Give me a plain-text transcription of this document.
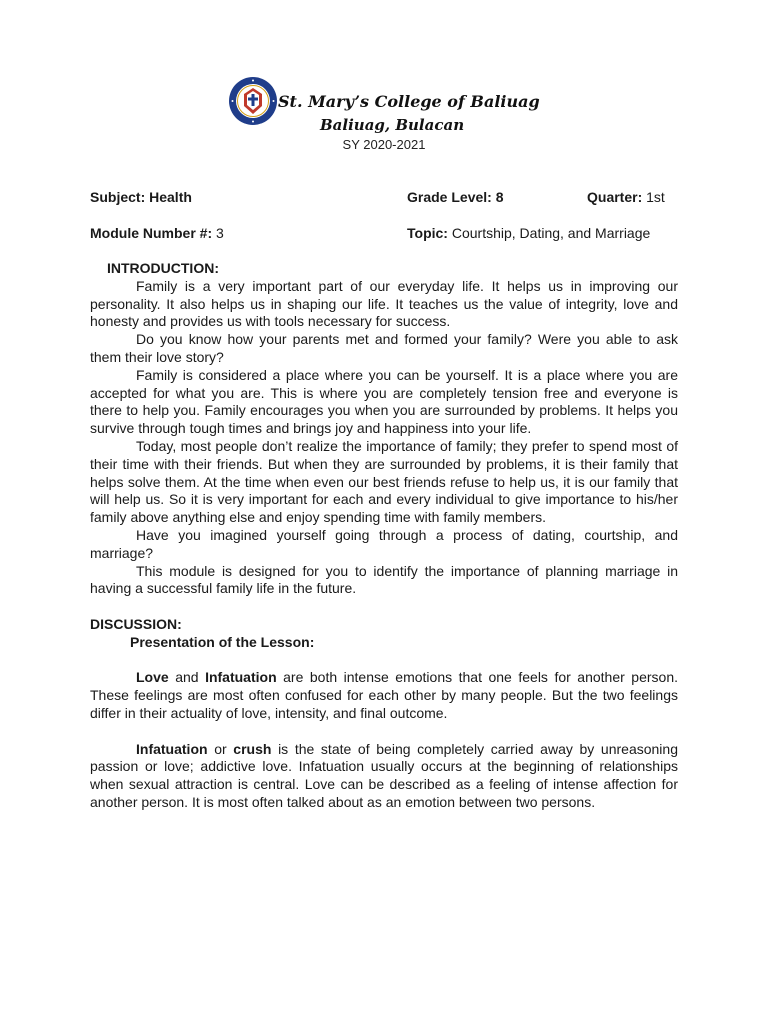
St. Mary’s College of Baliuag
Baliuag, Bulacan
SY 2020-2021
Subject: Health	Grade Level: 8	Quarter: 1st
Module Number #: 3	Topic: Courtship, Dating, and Marriage
INTRODUCTION:

Family is a very important part of our everyday life. It helps us in improving our personality. It also helps us in shaping our life. It teaches us the value of integrity, love and honesty and provides us with tools necessary for success.

Do you know how your parents met and formed your family? Were you able to ask them their love story?

Family is considered a place where you can be yourself. It is a place where you are accepted for what you are. This is where you are completely tension free and everyone is there to help you. Family encourages you when you are surrounded by problems. It helps you survive through tough times and brings joy and happiness into your life.

Today, most people don’t realize the importance of family; they prefer to spend most of their time with their friends. But when they are surrounded by problems, it is their family that helps solve them. At the time when even our best friends refuse to help us, it is our family that will help us. So it is very important for each and every individual to give importance to his/her family above anything else and enjoy spending time with family members.

Have you imagined yourself going through a process of dating, courtship, and marriage?

This module is designed for you to identify the importance of planning marriage in having a successful family life in the future.

DISCUSSION:
Presentation of the Lesson:

Love and Infatuation are both intense emotions that one feels for another person. These feelings are most often confused for each other by many people. But the two feelings differ in their actuality of love, intensity, and final outcome.

Infatuation or crush is the state of being completely carried away by unreasoning passion or love; addictive love. Infatuation usually occurs at the beginning of relationships when sexual attraction is central. Love can be described as a feeling of intense affection for another person. It is most often talked about as an emotion between two persons.
